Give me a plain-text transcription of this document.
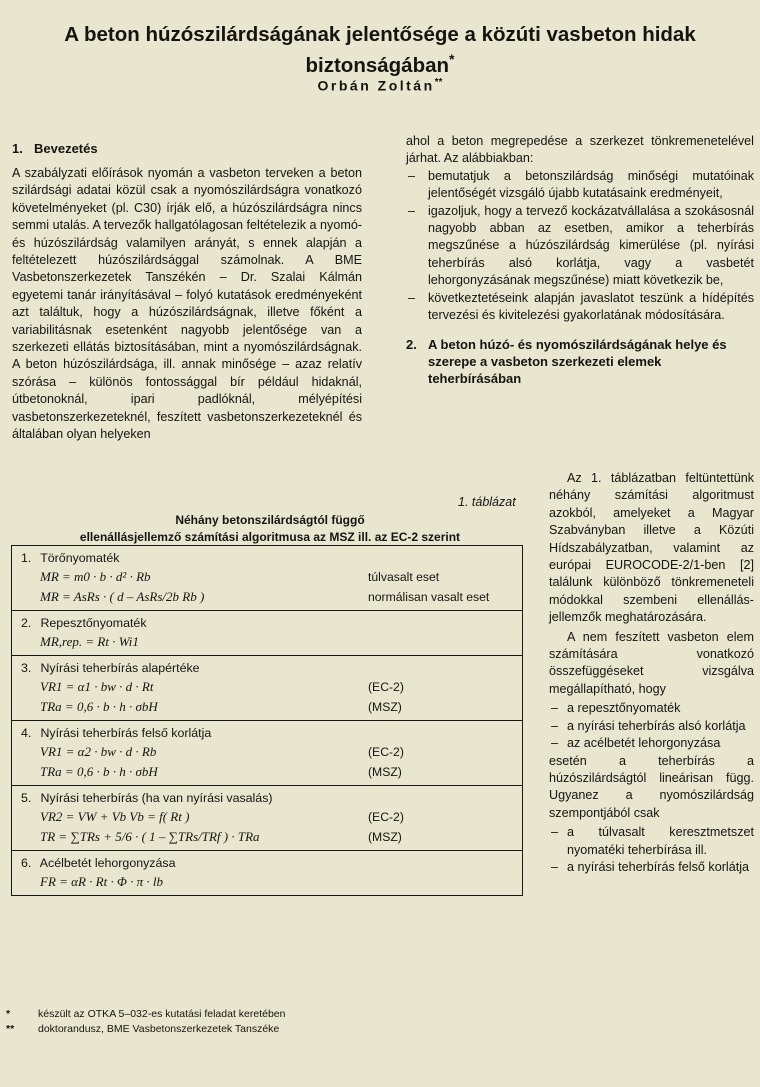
A beton húzószilárdságának jelentősége a közúti vasbeton hidak biztonságában*
Orbán Zoltán**
1. Bevezetés

A szabályzati előírások nyomán a vasbeton terveken a beton szilárdsági adatai közül csak a nyomószilárdságra vonatkozó követelményeket (pl. C30) írják elő, a húzószilárdságra nincs semmi utalás. A tervezők hallgatólagosan feltételezik a nyomó- és húzószilárdság valamilyen arányát, s ennek alapján a feltételezett húzószilárdsággal számolnak. A BME Vasbetonszerkezetek Tanszékén – Dr. Szalai Kálmán egyetemi tanár irányításával – folyó kutatások eredményeként azt találtuk, hogy a húzószilárdságnak, illetve főként a variabilitásnak esetenként nagyobb jelentősége van a szerkezeti ellátás biztosításában, mint a nyomószilárdságnak. A beton húzószilárdsága, ill. annak minősége – azaz relatív szórása – különös fontossággal bír például hidaknál, útbetonoknál, ipari padlóknál, mélyépítési vasbetonszerkezeteknél, feszített vasbetonszerkezeteknél és általában olyan helyeken

ahol a beton megrepedése a szerkezet tönkremenetelével járhat. Az alábbiakban:

– bemutatjuk a betonszilárdság minőségi mutatóinak jelentőségét vizsgáló újabb kutatásaink eredményeit,
– igazoljuk, hogy a tervező kockázatvállalása a szokásosnál nagyobb abban az esetben, amikor a teherbírás megszűnése a húzószilárdság kimerülése (pl. nyírási teherbírás alsó korlátja, vagy a vasbetét lehorgonyzásának megszűnése) miatt következik be,
– következtetéseink alapján javaslatot teszünk a hídépítés tervezési és kivitelezési gyakorlatának módosítására.
2. A beton húzó- és nyomószilárdságának helye és szerepe a vasbeton szerkezeti elemek teherbírásában

Az 1. táblázatban feltüntettünk néhány számítási algoritmust azokból, amelyeket a Magyar Szabványban illetve a Közúti Hídszabályzatban, valamint az európai EUROCODE-2/1-ben [2] találunk különböző tönkremeneteli módokkal szembeni ellenállás-jellemzők meghatározására.

A nem feszített vasbeton elem számítására vonatkozó összefüggéseket vizsgálva megállapítható, hogy

– a repesztőnyomaték
– a nyírási teherbírás alsó korlátja
– az acélbetét lehorgonyzása

esetén a teherbírás a húzószilárdságtól lineárisan függ. Ugyanez a nyomószilárdság szempontjából csak

– a túlvasalt keresztmetszet nyomatéki teherbírása ill.
– a nyírási teherbírás felső korlátja
1. táblázat
Néhány betonszilárdságtól függő
ellenállásjellemző számítási algoritmusa az MSZ ill. az EC-2 szerint
1. Törőnyomaték
MR = m0 · b · d² · Rb	túlvasalt eset
MR = AsRs · ( d – AsRs/2b Rb )	normálisan vasalt eset
2. Repesztőnyomaték
MR,rep. = Rt · Wi1
3. Nyírási teherbírás alapértéke
VR1 = α1 · bw · d · Rt	(EC-2)
TRa = 0,6 · b · h · σbH	(MSZ)
4. Nyírási teherbírás felső korlátja
VR1 = α2 · bw · d · Rb	(EC-2)
TRa = 0,6 · b · h · σbH	(MSZ)
5. Nyírási teherbírás (ha van nyírási vasalás)
VR2 = VW + Vb Vb = f( Rt )	(EC-2)
TR = ∑TRs + 5/6 · ( 1 – ∑TRs/TRf ) · TRa	(MSZ)
6. Acélbetét lehorgonyzása
FR = αR · Rt · Φ · π · lb
*	készült az OTKA 5–032-es kutatási feladat keretében
**	doktorandusz, BME Vasbetonszerkezetek Tanszéke
